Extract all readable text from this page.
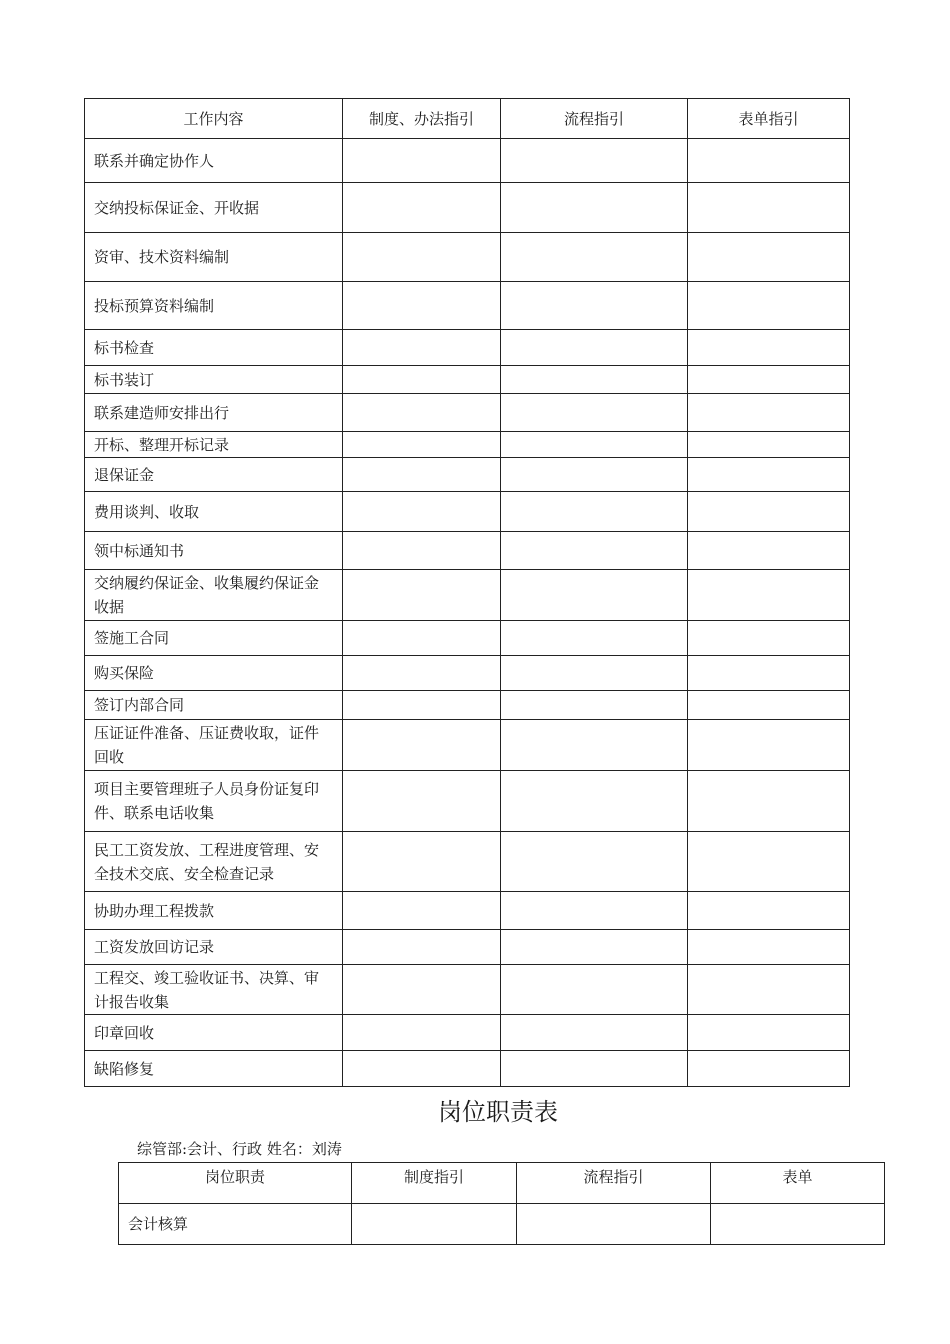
工作内容	制度、办法指引	流程指引	表单指引
联系并确定协作人			
交纳投标保证金、开收据			
资审、技术资料编制			
投标预算资料编制			
标书检查			
标书装订			
联系建造师安排出行			
开标、整理开标记录			
退保证金			
费用谈判、收取			
领中标通知书			
交纳履约保证金、收集履约保证金收据			
签施工合同			
购买保险			
签订内部合同			
压证证件准备、压证费收取，证件回收			
项目主要管理班子人员身份证复印件、联系电话收集			
民工工资发放、工程进度管理、安全技术交底、安全检查记录			
协助办理工程拨款			
工资发放回访记录			
工程交、竣工验收证书、决算、审计报告收集			
印章回收			
缺陷修复			
岗位职责表
综管部:会计、行政 姓名：刘涛
岗位职责	制度指引	流程指引	表单
会计核算			
